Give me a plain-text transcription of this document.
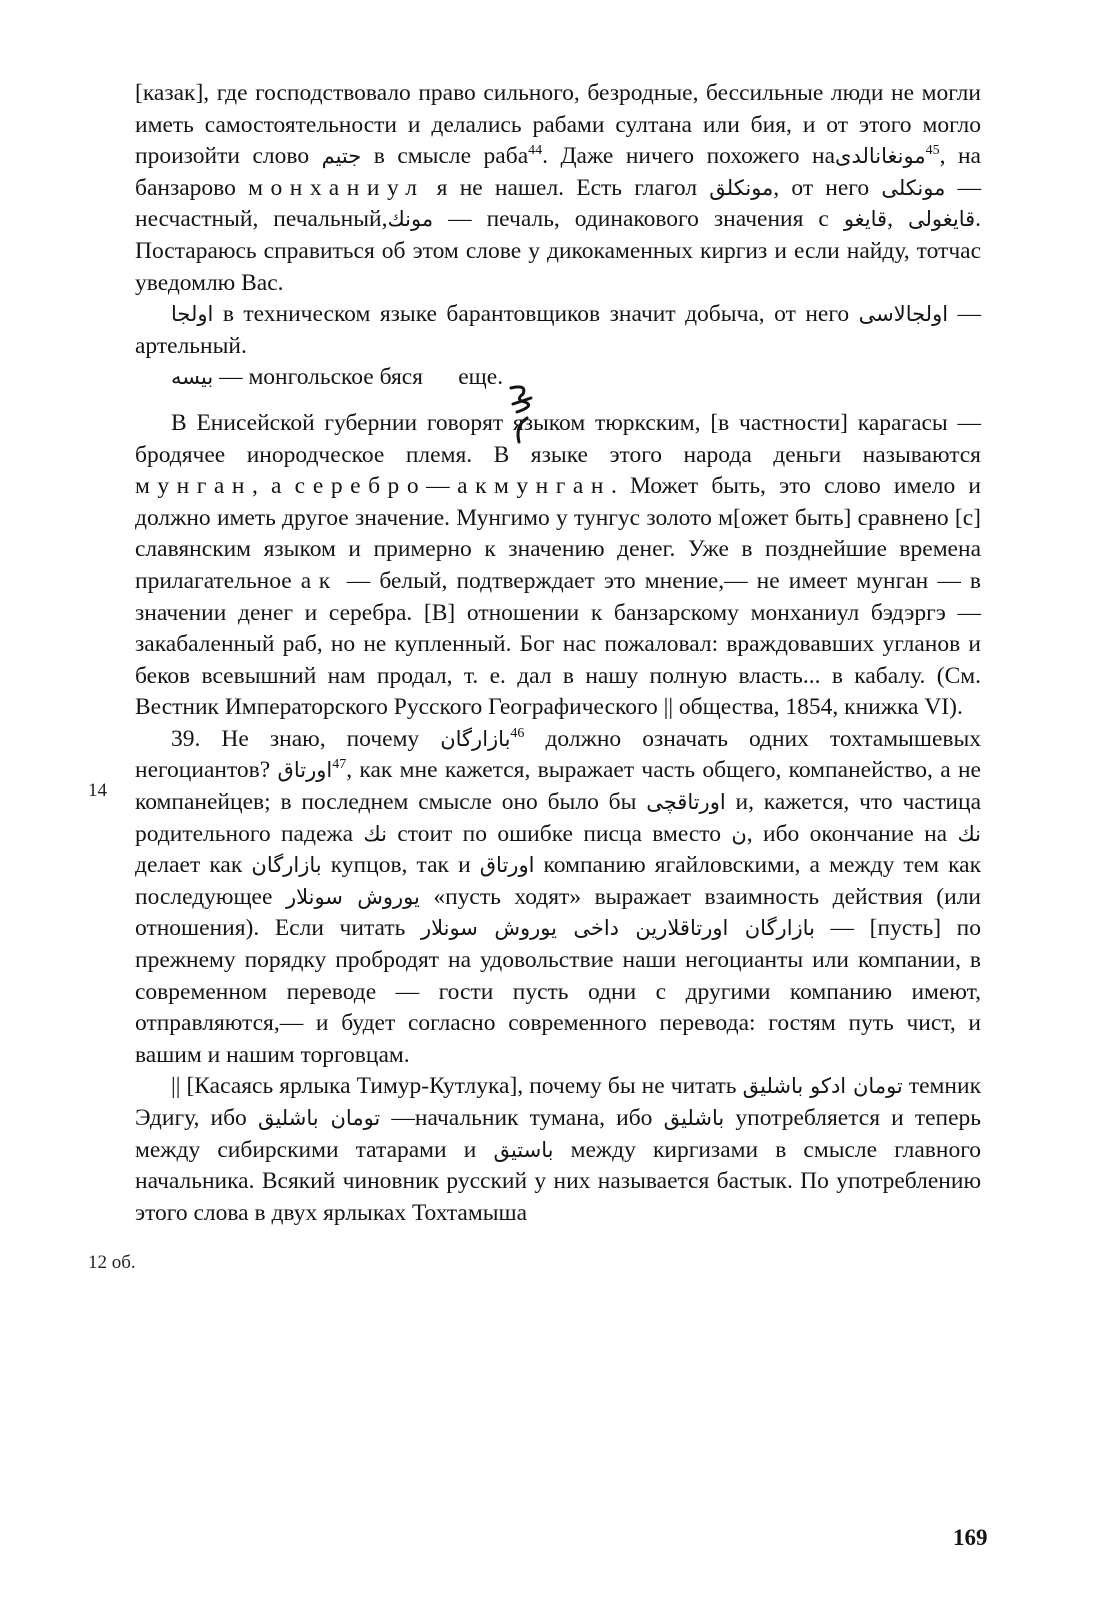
[казак], где господствовало право сильного, безродные, бессильные люди не могли иметь самостоятельности и делались рабами султана или бия, и от этого могло произойти слово جتیم в смысле раба$^{44}$. Даже ничего похожего наمونغانالدی$^{45}$, на банзарово монханиул я не нашел. Есть глагол مونکلق, от него مونکلی — несчастный, печальный,مونك — печаль, одинакового значения с قایغو, قایغولی. Постараюсь справиться об этом слове у дикокаменных киргиз и если найду, тотчас уведомлю Вас.

اولجا в техническом языке барантовщиков значит добыча, от него اولجالاسی — артельный.

بیسه — монгольское бяся еще.

В Енисейской губернии говорят языком тюркским, [в частности] карагасы — бродячее инородческое племя. В языке этого народа деньги называются мунган, а серебро—акмунган. Может быть, это слово имело и должно иметь другое значение. Мунгимо у тунгус золото м[ожет быть] сравнено [с] славянским языком и примерно к значению денег. Уже в позднейшие времена прилагательное ак — белый, подтверждает это мнение,— не имеет мунган — в значении денег и серебра. [В] отношении к банзарскому монханиул бэдэргэ — закабаленный раб, но не купленный. Бог нас пожаловал: враждовавших угланов и беков всевышний нам продал, т. е. дал в нашу полную власть... в кабалу. (См. Вестник Императорского Русского Географического || общества, 1854, книжка VI).

39. Не знаю, почему بازارگان$^{46}$ должно означать одних тохтамышевых негоциантов? اورتاق$^{47}$, как мне кажется, выражает часть общего, компанейство, а не компанейцев; в последнем смысле оно было бы اورتاقچی и, кажется, что частица родительного падежа نك стоит по ошибке писца вместо ن, ибо окончание на نك делает как بازارگان купцов, так и اورتاق компанию ягайловскими, а между тем как последующее یوروش سونلار «пусть ходят» выражает взаимность действия (или отношения). Если читать بازارگان اورتاقلارین داخی یوروش سونلار — [пусть] по прежнему порядку пробродят на удовольствие наши негоцианты или компании, в современном переводе — гости пусть одни с другими компанию имеют, отправляются,— и будет согласно современного перевода: гостям путь чист, и вашим и нашим торговцам.

|| [Касаясь ярлыка Тимур-Кутлука], почему бы не читать تومان ادکو باشلیق темник Эдигу, ибо تومان باشلیق —начальник тумана, ибо باشلیق употребляется и теперь между сибирскими татарами и باستیق между киргизами в смысле главного начальника. Всякий чиновник русский у них называется бастык. По употреблению этого слова в двух ярлыках Тохтамыша

14
12 об.
169
